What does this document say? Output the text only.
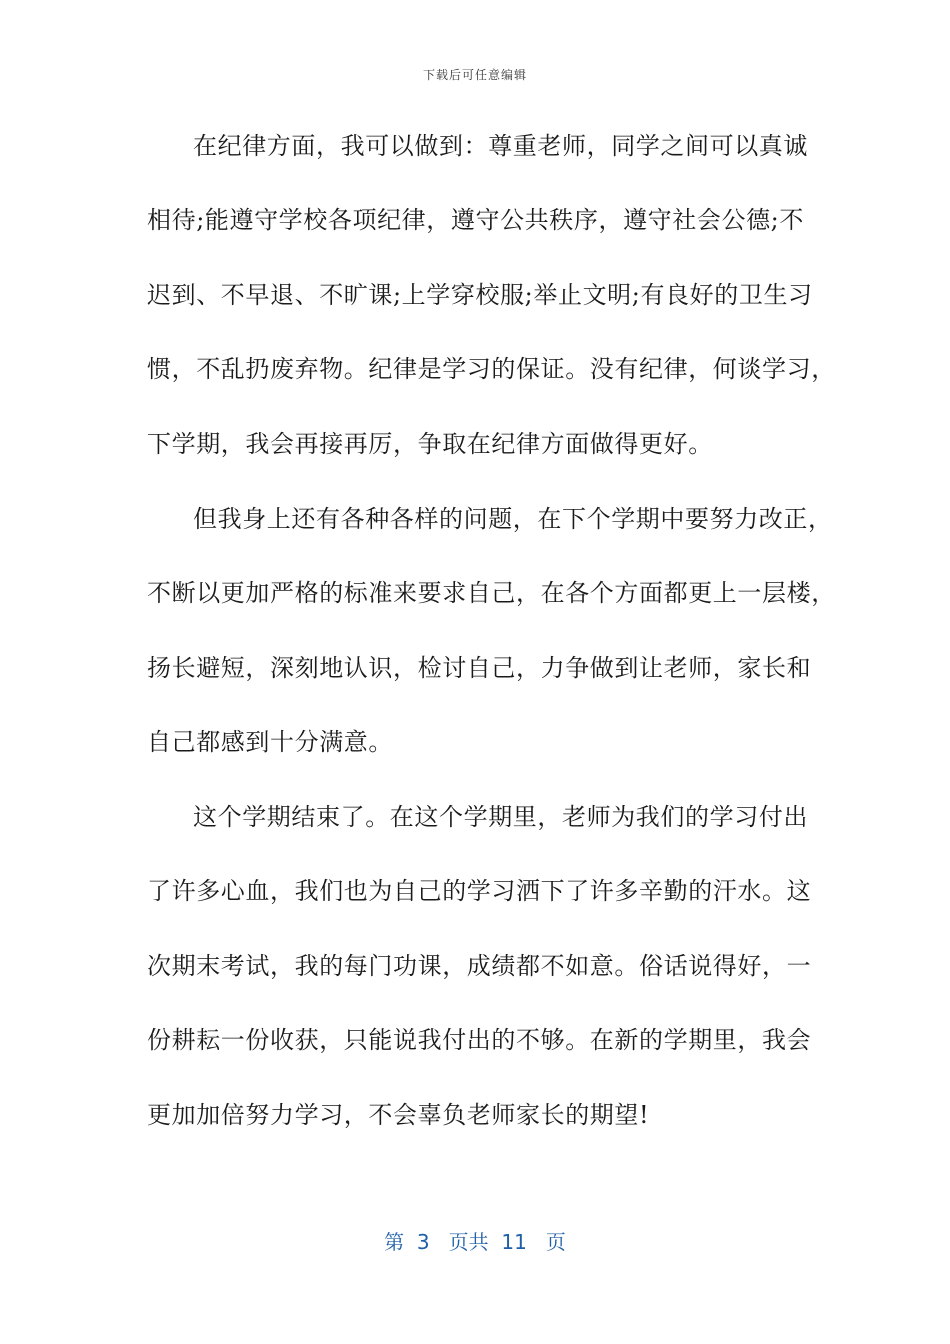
下载后可任意编辑
在纪律方面，我可以做到：尊重老师，同学之间可以真诚
相待;能遵守学校各项纪律，遵守公共秩序，遵守社会公德;不
迟到、不早退、不旷课;上学穿校服;举止文明;有良好的卫生习
惯，不乱扔废弃物。纪律是学习的保证。没有纪律，何谈学习，
下学期，我会再接再厉，争取在纪律方面做得更好。
但我身上还有各种各样的问题，在下个学期中要努力改正，
不断以更加严格的标准来要求自己，在各个方面都更上一层楼，
扬长避短，深刻地认识，检讨自己，力争做到让老师，家长和
自己都感到十分满意。
这个学期结束了。在这个学期里，老师为我们的学习付出
了许多心血，我们也为自己的学习洒下了许多辛勤的汗水。这
次期末考试，我的每门功课，成绩都不如意。俗话说得好，一
份耕耘一份收获，只能说我付出的不够。在新的学期里，我会
更加加倍努力学习，不会辜负老师家长的期望!
第  3   页共  11   页
